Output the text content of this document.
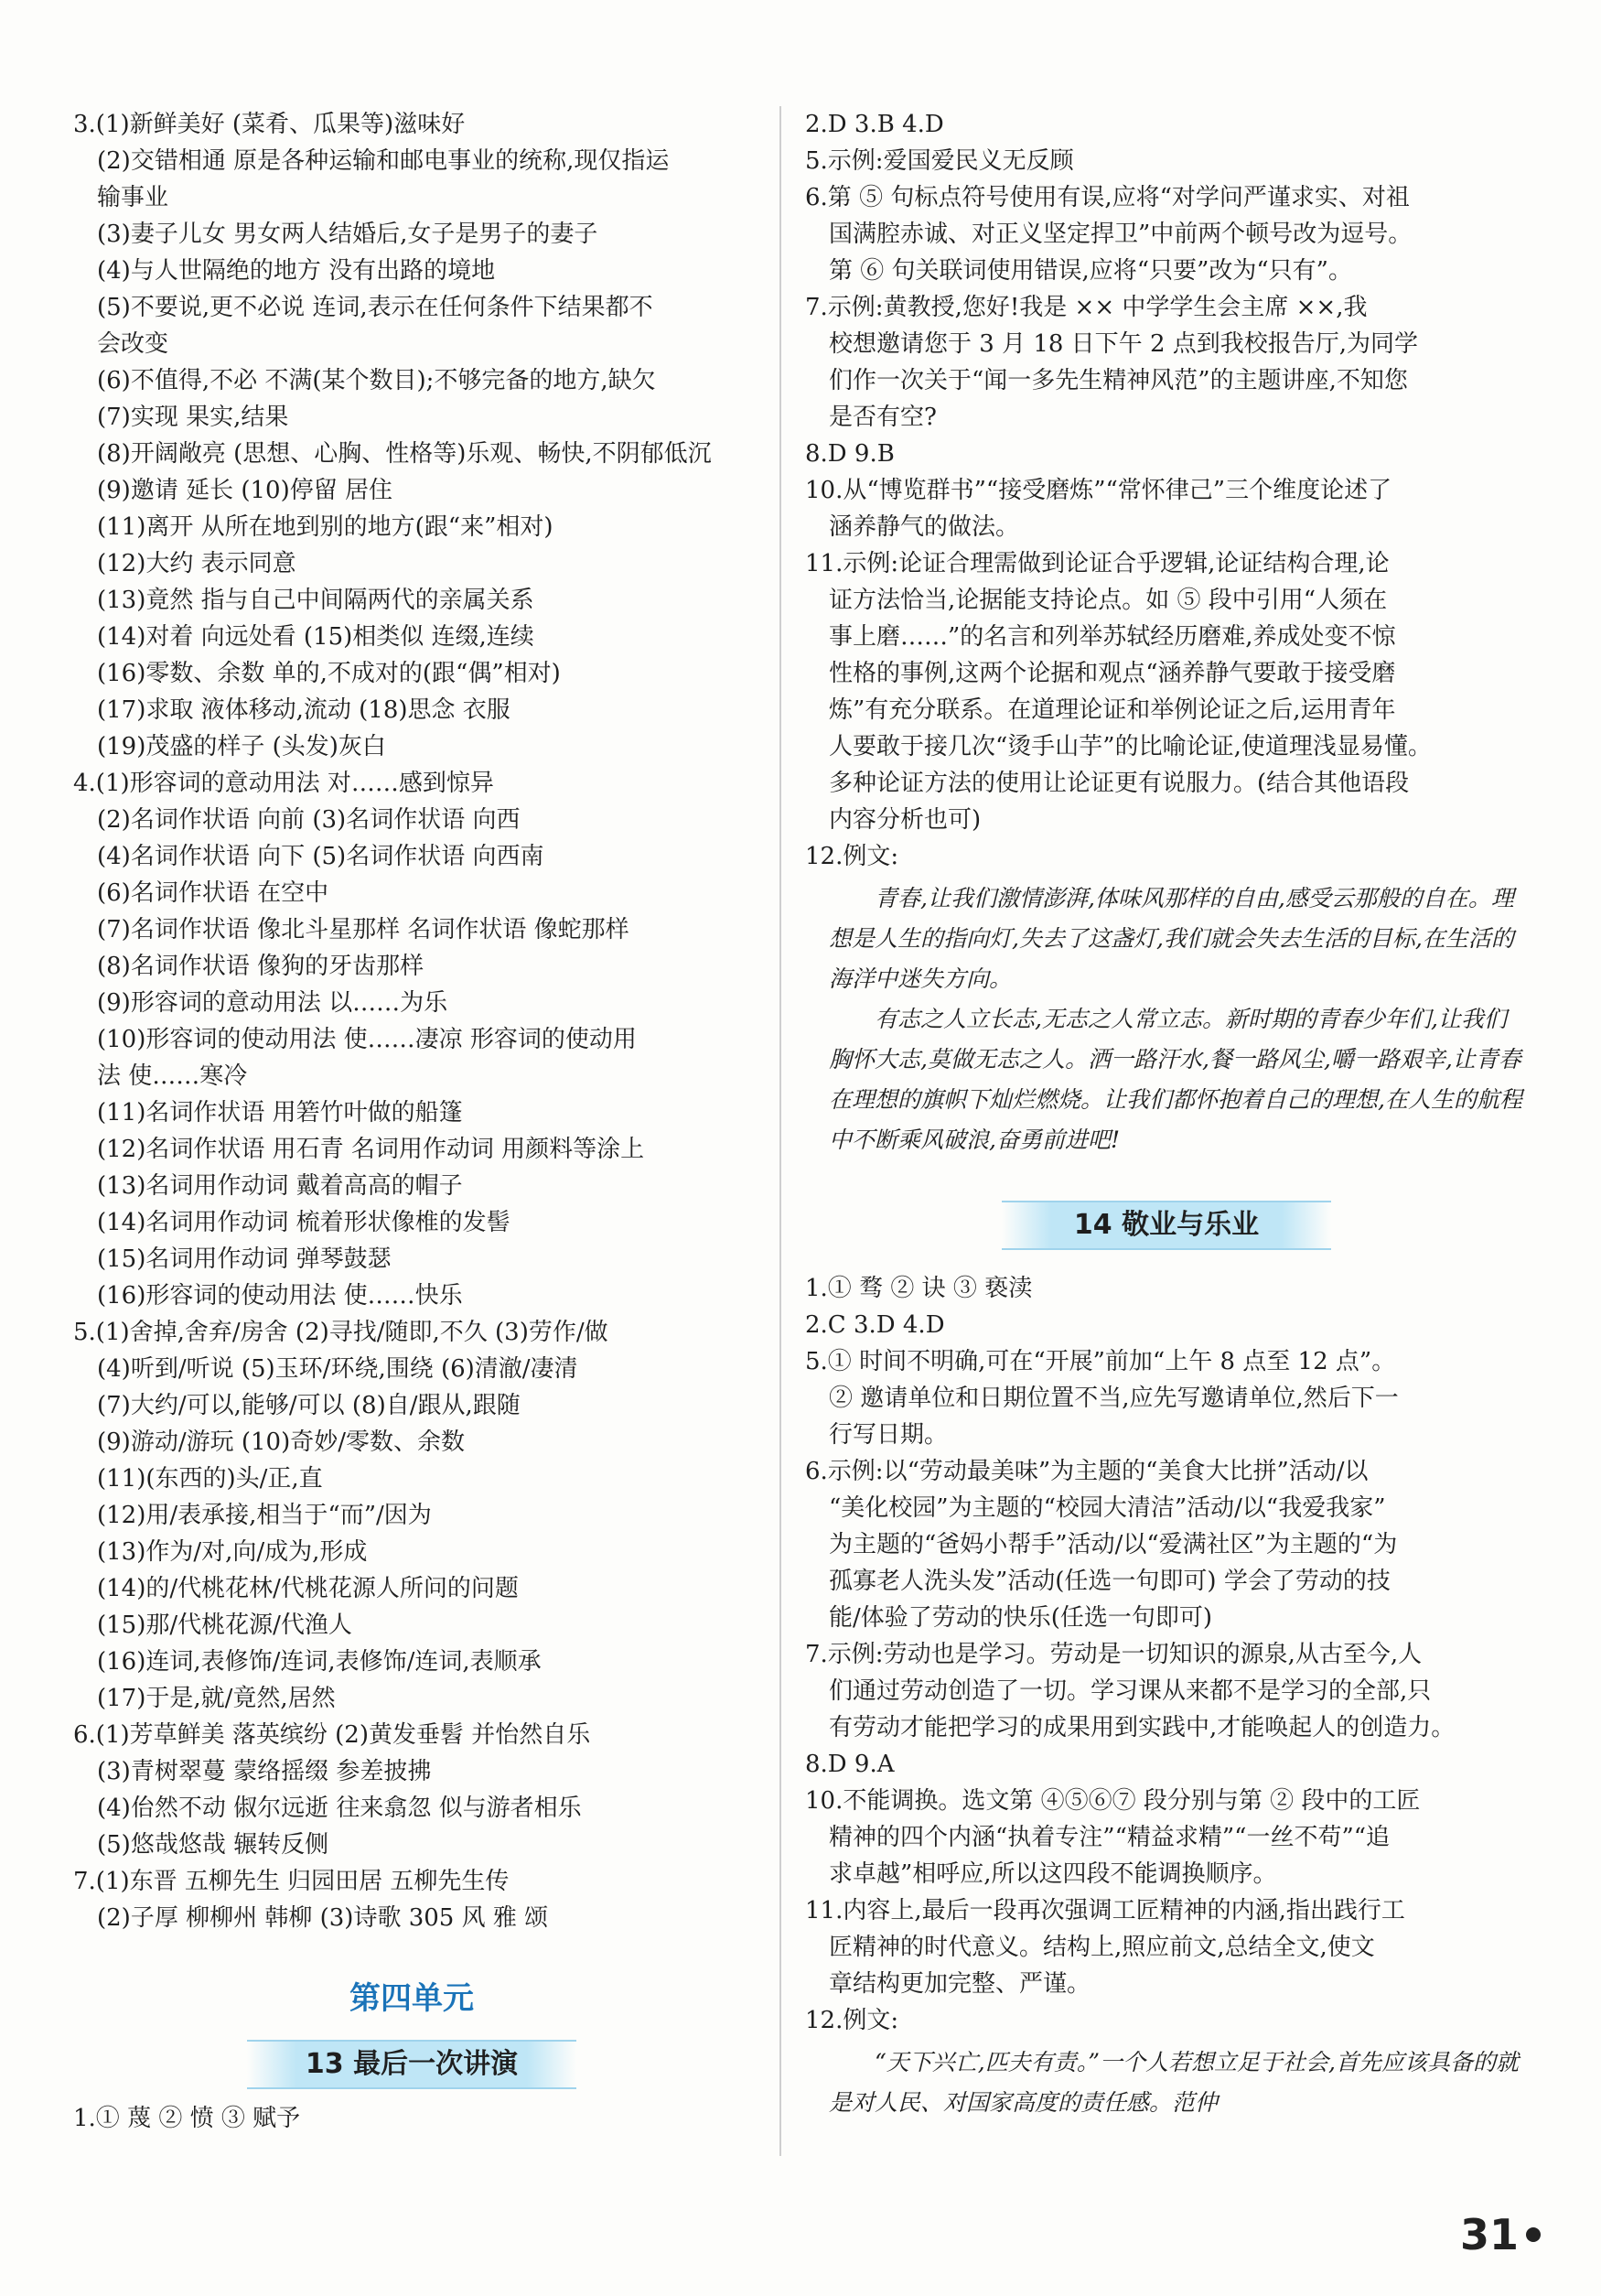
3.(1)新鲜美好 (菜肴、瓜果等)滋味好

(2)交错相通 原是各种运输和邮电事业的统称,现仅指运

输事业

(3)妻子儿女 男女两人结婚后,女子是男子的妻子

(4)与人世隔绝的地方 没有出路的境地

(5)不要说,更不必说 连词,表示在任何条件下结果都不

会改变

(6)不值得,不必 不满(某个数目);不够完备的地方,缺欠

(7)实现 果实,结果

(8)开阔敞亮 (思想、心胸、性格等)乐观、畅快,不阴郁低沉

(9)邀请 延长 (10)停留 居住

(11)离开 从所在地到别的地方(跟“来”相对)

(12)大约 表示同意

(13)竟然 指与自己中间隔两代的亲属关系

(14)对着 向远处看 (15)相类似 连缀,连续

(16)零数、余数 单的,不成对的(跟“偶”相对)

(17)求取 液体移动,流动 (18)思念 衣服

(19)茂盛的样子 (头发)灰白

4.(1)形容词的意动用法 对……感到惊异

(2)名词作状语 向前 (3)名词作状语 向西

(4)名词作状语 向下 (5)名词作状语 向西南

(6)名词作状语 在空中

(7)名词作状语 像北斗星那样 名词作状语 像蛇那样

(8)名词作状语 像狗的牙齿那样

(9)形容词的意动用法 以……为乐

(10)形容词的使动用法 使……凄凉 形容词的使动用

法 使……寒冷

(11)名词作状语 用箬竹叶做的船篷

(12)名词作状语 用石青 名词用作动词 用颜料等涂上

(13)名词用作动词 戴着高高的帽子

(14)名词用作动词 梳着形状像椎的发髻

(15)名词用作动词 弹琴鼓瑟

(16)形容词的使动用法 使……快乐

5.(1)舍掉,舍弃/房舍 (2)寻找/随即,不久 (3)劳作/做

(4)听到/听说 (5)玉环/环绕,围绕 (6)清澈/凄清

(7)大约/可以,能够/可以 (8)自/跟从,跟随

(9)游动/游玩 (10)奇妙/零数、余数

(11)(东西的)头/正,直

(12)用/表承接,相当于“而”/因为

(13)作为/对,向/成为,形成

(14)的/代桃花林/代桃花源人所问的问题

(15)那/代桃花源/代渔人

(16)连词,表修饰/连词,表修饰/连词,表顺承

(17)于是,就/竟然,居然

6.(1)芳草鲜美 落英缤纷 (2)黄发垂髫 并怡然自乐

(3)青树翠蔓 蒙络摇缀 参差披拂

(4)佁然不动 俶尔远逝 往来翕忽 似与游者相乐

(5)悠哉悠哉 辗转反侧

7.(1)东晋 五柳先生 归园田居 五柳先生传

(2)子厚 柳柳州 韩柳 (3)诗歌 305 风 雅 颂

第四单元
13 最后一次讲演

1.① 蔑 ② 愤 ③ 赋予

2.D 3.B 4.D

5.示例:爱国爱民义无反顾

6.第 ⑤ 句标点符号使用有误,应将“对学问严谨求实、对祖

国满腔赤诚、对正义坚定捍卫”中前两个顿号改为逗号。

第 ⑥ 句关联词使用错误,应将“只要”改为“只有”。

7.示例:黄教授,您好!我是 ×× 中学学生会主席 ××,我

校想邀请您于 3 月 18 日下午 2 点到我校报告厅,为同学

们作一次关于“闻一多先生精神风范”的主题讲座,不知您

是否有空?

8.D 9.B

10.从“博览群书”“接受磨炼”“常怀律己”三个维度论述了

涵养静气的做法。

11.示例:论证合理需做到论证合乎逻辑,论证结构合理,论

证方法恰当,论据能支持论点。如 ⑤ 段中引用“人须在

事上磨……”的名言和列举苏轼经历磨难,养成处变不惊

性格的事例,这两个论据和观点“涵养静气要敢于接受磨

炼”有充分联系。在道理论证和举例论证之后,运用青年

人要敢于接几次“烫手山芋”的比喻论证,使道理浅显易懂。

多种论证方法的使用让论证更有说服力。(结合其他语段

内容分析也可)

12.例文:

青春,让我们激情澎湃,体味风那样的自由,感受云那般的自在。理想是人生的指向灯,失去了这盏灯,我们就会失去生活的目标,在生活的海洋中迷失方向。

有志之人立长志,无志之人常立志。新时期的青春少年们,让我们胸怀大志,莫做无志之人。洒一路汗水,餐一路风尘,嚼一路艰辛,让青春在理想的旗帜下灿烂燃烧。让我们都怀抱着自己的理想,在人生的航程中不断乘风破浪,奋勇前进吧!

14 敬业与乐业

1.① 骛 ② 诀 ③ 亵渎

2.C 3.D 4.D

5.① 时间不明确,可在“开展”前加“上午 8 点至 12 点”。

② 邀请单位和日期位置不当,应先写邀请单位,然后下一

行写日期。

6.示例:以“劳动最美味”为主题的“美食大比拼”活动/以

“美化校园”为主题的“校园大清洁”活动/以“我爱我家”

为主题的“爸妈小帮手”活动/以“爱满社区”为主题的“为

孤寡老人洗头发”活动(任选一句即可) 学会了劳动的技

能/体验了劳动的快乐(任选一句即可)

7.示例:劳动也是学习。劳动是一切知识的源泉,从古至今,人

们通过劳动创造了一切。学习课从来都不是学习的全部,只

有劳动才能把学习的成果用到实践中,才能唤起人的创造力。

8.D 9.A

10.不能调换。选文第 ④⑤⑥⑦ 段分别与第 ② 段中的工匠

精神的四个内涵“执着专注”“精益求精”“一丝不苟”“追

求卓越”相呼应,所以这四段不能调换顺序。

11.内容上,最后一段再次强调工匠精神的内涵,指出践行工

匠精神的时代意义。结构上,照应前文,总结全文,使文

章结构更加完整、严谨。

12.例文:

“天下兴亡,匹夫有责。”一个人若想立足于社会,首先应该具备的就是对人民、对国家高度的责任感。范仲

31
